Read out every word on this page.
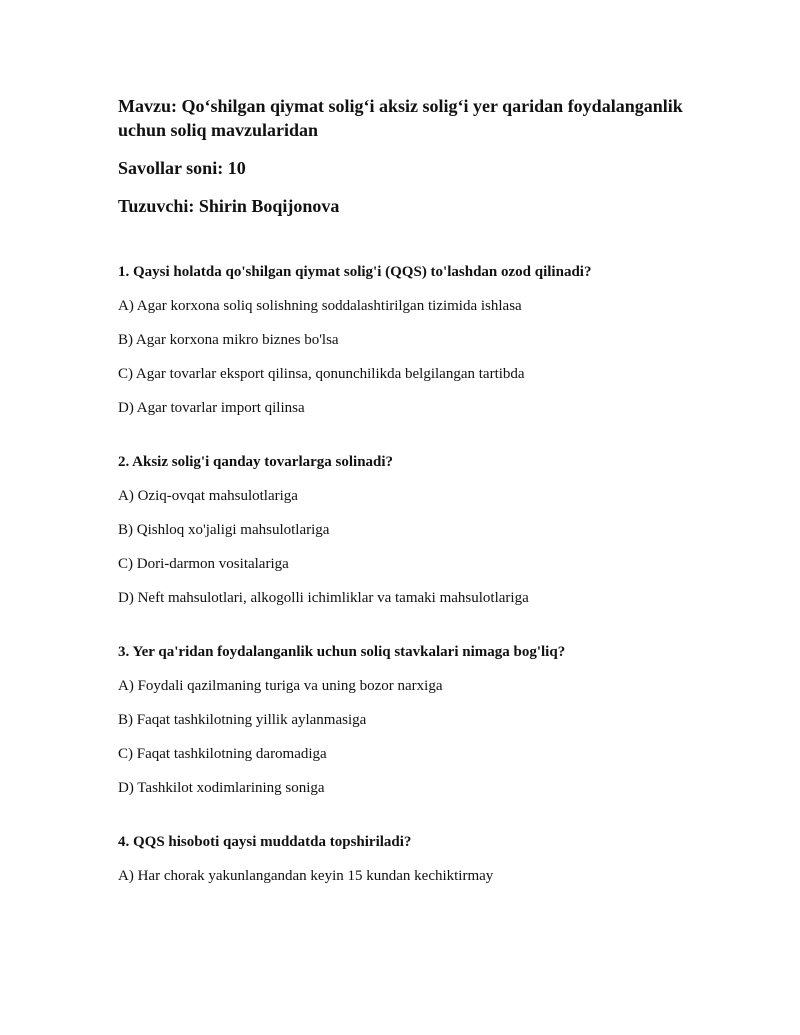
Mavzu: Qo‘shilgan qiymat solig‘i aksiz solig‘i yer qaridan foydalanganlik uchun soliq mavzularidan

Savollar soni: 10

Tuzuvchi: Shirin Boqijonova

1. Qaysi holatda qo'shilgan qiymat solig'i (QQS) to'lashdan ozod qilinadi?

A) Agar korxona soliq solishning soddalashtirilgan tizimida ishlasa

B) Agar korxona mikro biznes bo'lsa

C) Agar tovarlar eksport qilinsa, qonunchilikda belgilangan tartibda

D) Agar tovarlar import qilinsa

2. Aksiz solig'i qanday tovarlarga solinadi?

A) Oziq-ovqat mahsulotlariga

B) Qishloq xo'jaligi mahsulotlariga

C) Dori-darmon vositalariga

D) Neft mahsulotlari, alkogolli ichimliklar va tamaki mahsulotlariga

3. Yer qa'ridan foydalanganlik uchun soliq stavkalari nimaga bog'liq?

A) Foydali qazilmaning turiga va uning bozor narxiga

B) Faqat tashkilotning yillik aylanmasiga

C) Faqat tashkilotning daromadiga

D) Tashkilot xodimlarining soniga

4. QQS hisoboti qaysi muddatda topshiriladi?

A) Har chorak yakunlangandan keyin 15 kundan kechiktirmay
